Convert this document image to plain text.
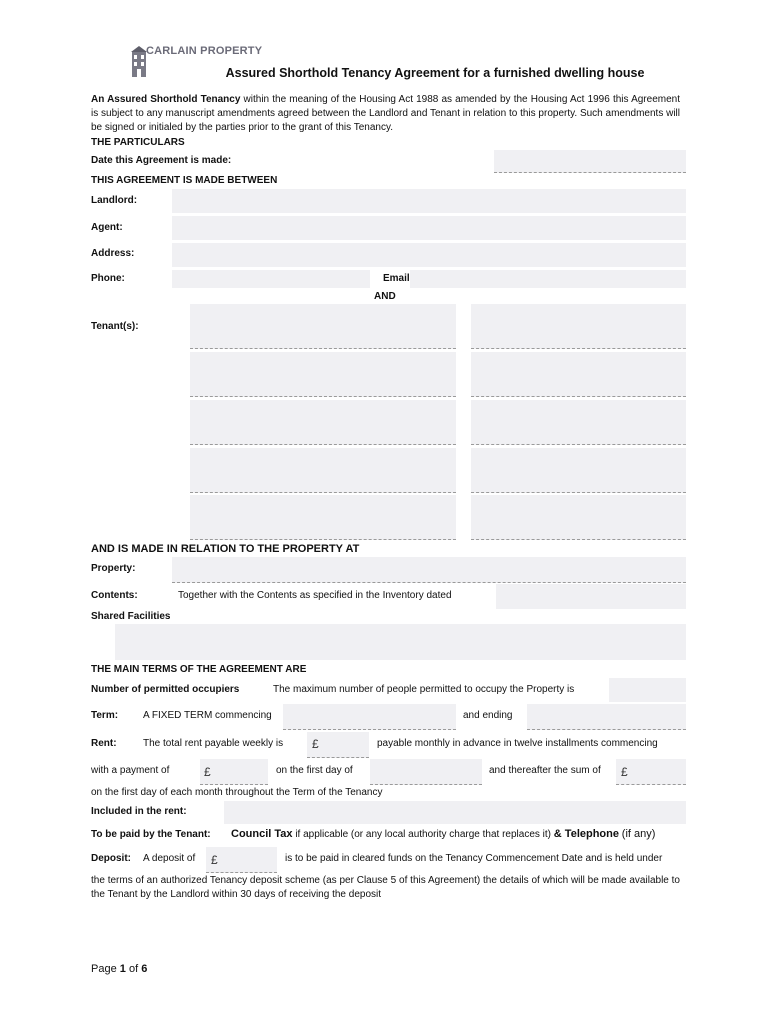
CARLAIN PROPERTY
Assured Shorthold Tenancy Agreement for a furnished dwelling house
An Assured Shorthold Tenancy within the meaning of the Housing Act 1988 as amended by the Housing Act 1996 this Agreement is subject to any manuscript amendments agreed between the Landlord and Tenant in relation to this property. Such amendments will be signed or initialed by the parties prior to the grant of this Tenancy.
THE PARTICULARS
Date this Agreement is made:
THIS AGREEMENT IS MADE BETWEEN
Landlord:
Agent:
Address:
Phone:	Email
AND
Tenant(s):
AND IS MADE IN RELATION TO THE PROPERTY AT
Property:
Contents:	Together with the Contents as specified in the Inventory dated
Shared Facilities
THE MAIN TERMS OF THE AGREEMENT ARE
Number of permitted occupiers	The maximum number of people permitted to occupy the Property is
Term: A FIXED TERM commencing	and ending
Rent:	The total rent payable weekly is £	payable monthly in advance in twelve installments commencing
with a payment of	£	on the first day of	and thereafter the sum of £
on the first day of each month throughout the Term of the Tenancy
Included in the rent:
To be paid by the Tenant: Council Tax if applicable (or any local authority charge that replaces it) & Telephone (if any)
Deposit: A deposit of £	is to be paid in cleared funds on the Tenancy Commencement Date and is held under
the terms of an authorized Tenancy deposit scheme (as per Clause 5 of this Agreement) the details of which will be made available to the Tenant by the Landlord within 30 days of receiving the deposit
Page 1 of 6
